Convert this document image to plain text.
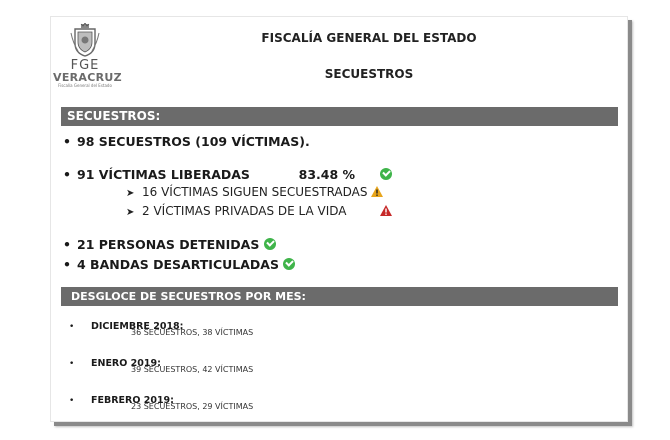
FGE
VERACRUZ
Fiscalía General del Estado
FISCALÍA GENERAL DEL ESTADO
SECUESTROS
SECUESTROS:
• 98 SECUESTROS (109 VÍCTIMAS).
• 91 VÍCTIMAS LIBERADAS	83.48 %
➤ 16 VÍCTIMAS SIGUEN SECUESTRADAS
➤ 2 VÍCTIMAS PRIVADAS DE LA VIDA
• 21 PERSONAS DETENIDAS
• 4 BANDAS DESARTICULADAS
DESGLOCE DE SECUESTROS POR MES:
• DICIEMBRE 2018:
36 SECUESTROS, 38 VÍCTIMAS
• ENERO 2019:
39 SECUESTROS, 42 VÍCTIMAS
• FEBRERO 2019:
23 SECUESTROS, 29 VÍCTIMAS
